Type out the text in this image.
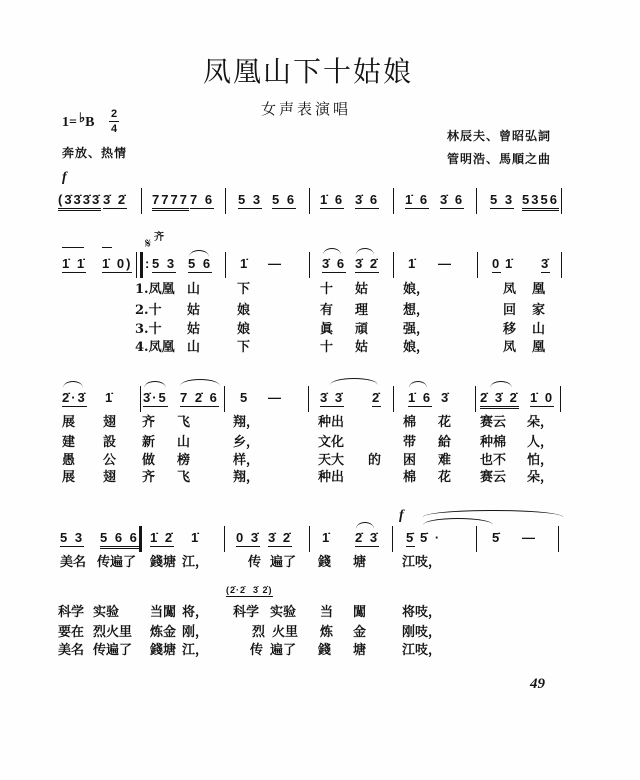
凤凰山下十姑娘
女声表演唱
1= ♭B
2
4
奔放、热情
林辰夫、曾昭弘詞
管明浩、馬順之曲
f
(3̇3̇3̇3̇ 3̇ 2̇ 7777 7 6 5 3 5 6 1̇ 6 3̇ 6 1̇ 6 3̇ 6 5 3 5356
1̇ 1̇ 1̇ 0)
齐
𝄋
: 5 3 5 6 1̇ —	3̇ 6 3̇ 2̇ 1̇ —	0 1̇ 3̇
1.凤凰 山	下	十 姑	娘，	凤 凰
2.十 姑	娘	有 理	想，	回 家
3.十 姑	娘	眞 頑	强，	移 山
4.凤凰 山	下	十 姑	娘，	凤 凰
2̇·3̇ 1̇ 3̇·5 7 2̇ 6 5 —	3̇ 3̇ 2̇ 1̇ 6 3̇ 2̇ 3̇ 2̇ 1̇ 0
展 翅 齐 飞	翔，	种出	棉 花 赛云 朵，
建 設 新 山	乡，	文化	带 給 种棉 人，
愚 公 做 榜	样，	天大 的 困 难 也不 怕，
展 翅 齐 飞	翔，	种出	棉 花 赛云 朵，
5 3 5 6 6 1̇ 2̇ 1̇	0 3̇ 3̇ 2̇ 1̇ 2̇ 3̇
f
5̇ 5̇ ·	5̇ —
美名 传遍了 錢塘 江，	传 遍了 錢 塘	江吱，
(2̇·2̇  3̇ 2̇)
科学 实验 当闖 将， 科学 实验 当 闖	将吱，
要在 烈火里 炼金 刚，	烈 火里 炼 金	刚吱，
美名 传遍了 錢塘 江，	传 遍了 錢 塘	江吱，
49
